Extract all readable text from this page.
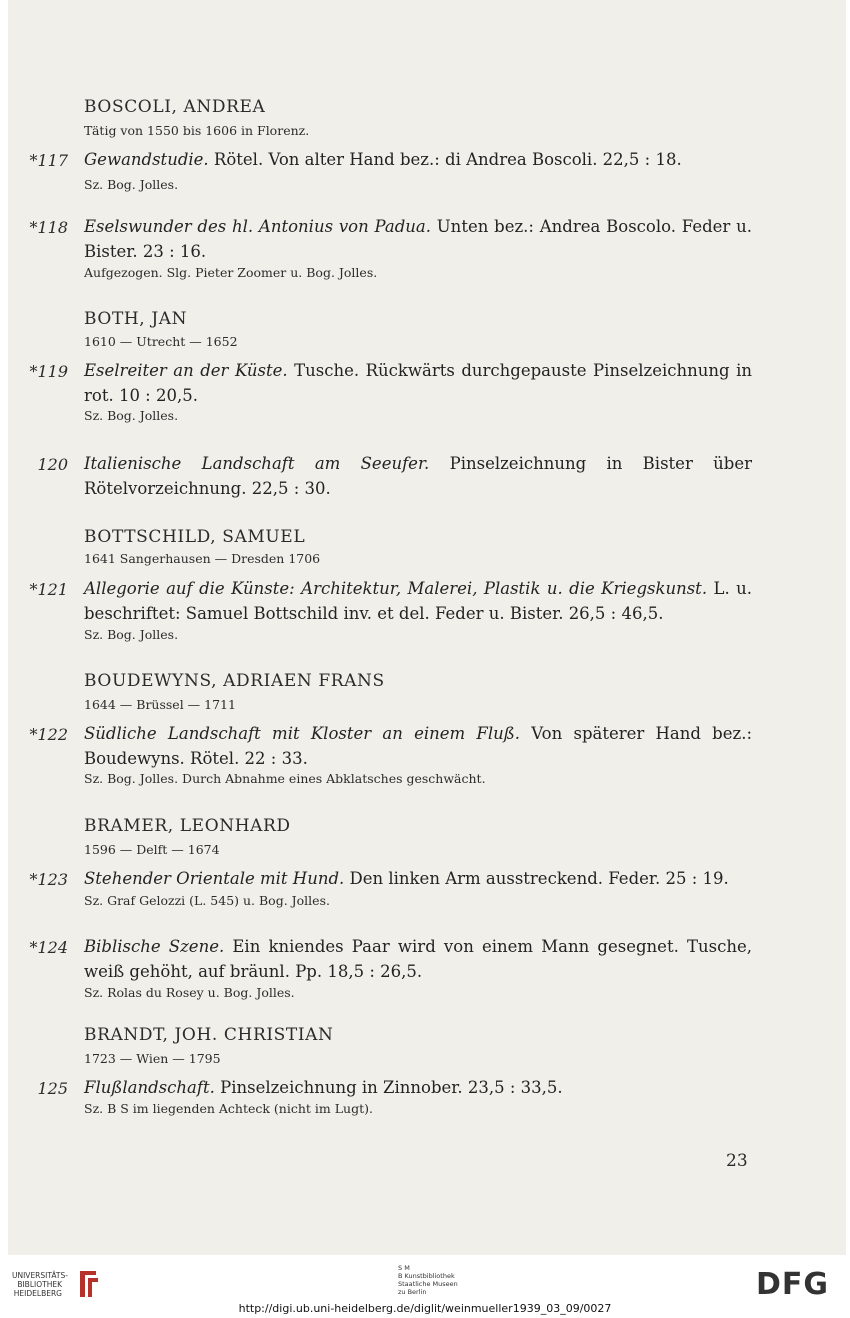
BOSCOLI, ANDREA
Tätig von 1550 bis 1606 in Florenz.
*117 Gewandstudie. Rötel. Von alter Hand bez.: di Andrea Boscoli. 22,5 : 18.
Sz. Bog. Jolles.
*118 Eselswunder des hl. Antonius von Padua. Unten bez.: Andrea Boscolo. Feder u. Bister. 23 : 16.
Aufgezogen. Slg. Pieter Zoomer u. Bog. Jolles.
BOTH, JAN
1610 — Utrecht — 1652
*119 Eselreiter an der Küste. Tusche. Rückwärts durchgepauste Pinselzeichnung in rot. 10 : 20,5.
Sz. Bog. Jolles.
120 Italienische Landschaft am Seeufer. Pinselzeichnung in Bister über Rötelvorzeichnung. 22,5 : 30.
BOTTSCHILD, SAMUEL
1641 Sangerhausen — Dresden 1706
*121 Allegorie auf die Künste: Architektur, Malerei, Plastik u. die Kriegskunst. L. u. beschriftet: Samuel Bottschild inv. et del. Feder u. Bister. 26,5 : 46,5.
Sz. Bog. Jolles.
BOUDEWYNS, ADRIAEN FRANS
1644 — Brüssel — 1711
*122 Südliche Landschaft mit Kloster an einem Fluß. Von späterer Hand bez.: Boudewyns. Rötel. 22 : 33.
Sz. Bog. Jolles. Durch Abnahme eines Abklatsches geschwächt.
BRAMER, LEONHARD
1596 — Delft — 1674
*123 Stehender Orientale mit Hund. Den linken Arm ausstreckend. Feder. 25 : 19.
Sz. Graf Gelozzi (L. 545) u. Bog. Jolles.
*124 Biblische Szene. Ein kniendes Paar wird von einem Mann gesegnet. Tusche, weiß gehöht, auf bräunl. Pp. 18,5 : 26,5.
Sz. Rolas du Rosey u. Bog. Jolles.
BRANDT, JOH. CHRISTIAN
1723 — Wien — 1795
125 Flußlandschaft. Pinselzeichnung in Zinnober. 23,5 : 33,5.
Sz. B S im liegenden Achteck (nicht im Lugt).
23
UNIVERSITÄTS-
BIBLIOTHEK
HEIDELBERG
S M
B Kunstbibliothek
Staatliche Museen
zu Berlin	DFG
http://digi.ub.uni-heidelberg.de/diglit/weinmueller1939_03_09/0027
